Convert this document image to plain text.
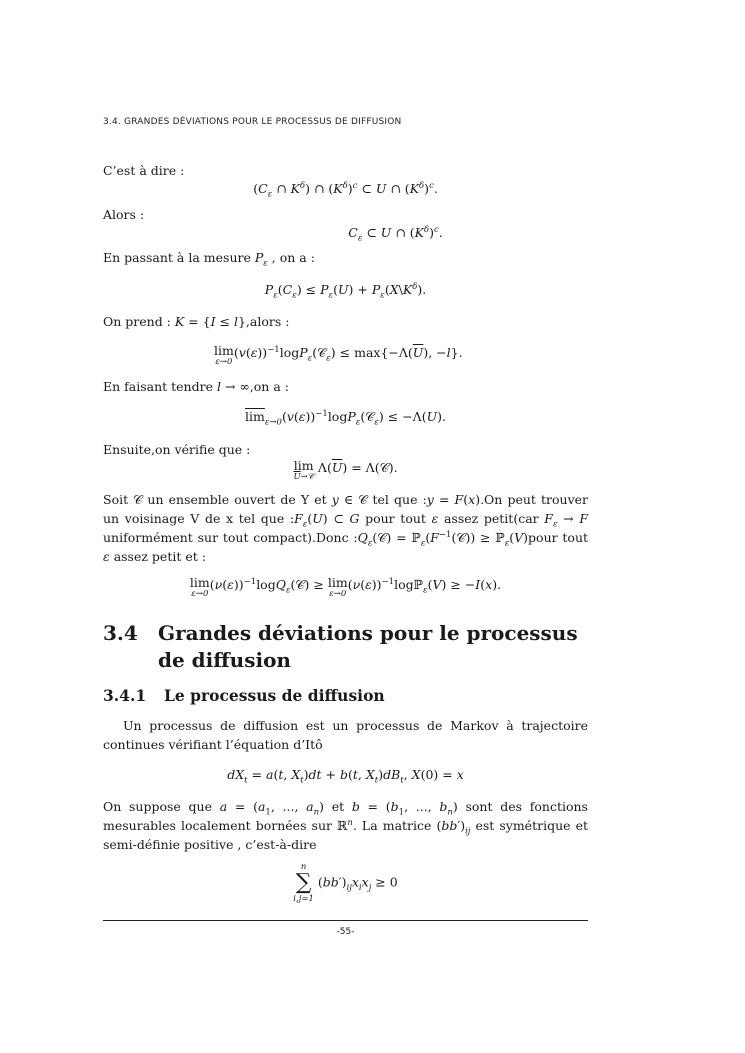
3.4. GRANDES DÉVIATIONS POUR LE PROCESSUS DE DIFFUSION
C’est à dire :
($C_\varepsilon$ ∩ $K^\delta$) ∩ $(K^\delta)^c$ ⊂ U ∩ $(K^\delta)^c$.
Alors :
$C_\varepsilon$ ⊂ U ∩ $(K^\delta)^c$.
En passant à la mesure $P_\varepsilon$ , on a :
$P_\varepsilon(C_\varepsilon) \le P_\varepsilon(U)$ + $P_\varepsilon(X\backslash K^\delta)$.
On prend : K = {I ≤ l},alors :
lim
ε→0
$(v(\varepsilon))^{-1}\log P_\varepsilon(𝒞_\varepsilon) \le \max\{-\Lambda(\overline{U})$, −l}.
En faisant tendre l → ∞,on a :
$\overline{lim}_{\varepsilon\to 0}(v(\varepsilon))^{-1}\log P_\varepsilon(𝒞_\varepsilon) \le -\Lambda(U)$.
Ensuite,on vérifie que :
lim
$\overline{U}\to 𝒞$
$\Lambda(\overline{U})$ = Λ(𝒞).
Soit 𝒞 un ensemble ouvert de Y et y ∈ 𝒞 tel que :y = F(x).On peut trouver un voisinage V de x tel que $:F_\varepsilon(U)$ ⊂ G pour tout ε assez petit(car $F_\varepsilon \to F$ uniformément sur tout compact).Donc $:Q_\varepsilon(𝒞)$ = $ℙ_\varepsilon(F^{-1}(𝒞))$ ≥ ℙ$_\varepsilon$(V)pour tout ε assez petit et :
lim
ε→0
$(\nu(\varepsilon))^{-1}\log Q_\varepsilon(𝒞) \ge \lim$
ε→0
$(\nu(\varepsilon))^{-1}\log ℙ_\varepsilon(V) \ge -I(x)$.
3.4 Grandes déviations pour le processus de diffusion
3.4.1 Le processus de diffusion
Un processus de diffusion est un processus de Markov à trajectoire continues vérifiant l’équation d’Itô
$dX_t = a(t$, $X_t)dt + b(t$, $X_t)dB_t$, X(0) = x
On suppose que $a = (a_1$, ..., $a_n$) et $b = (b_1$, ..., $b_n$) sont des fonctions mesurables localement bornées sur ℝ$^n$. La matrice $(bb')_{ij}$ est symétrique et semi-définie positive , c’est-à-dire
n
∑
i,j=1
$(bb')_{ij}x_ix_j \ge 0$
-55-
